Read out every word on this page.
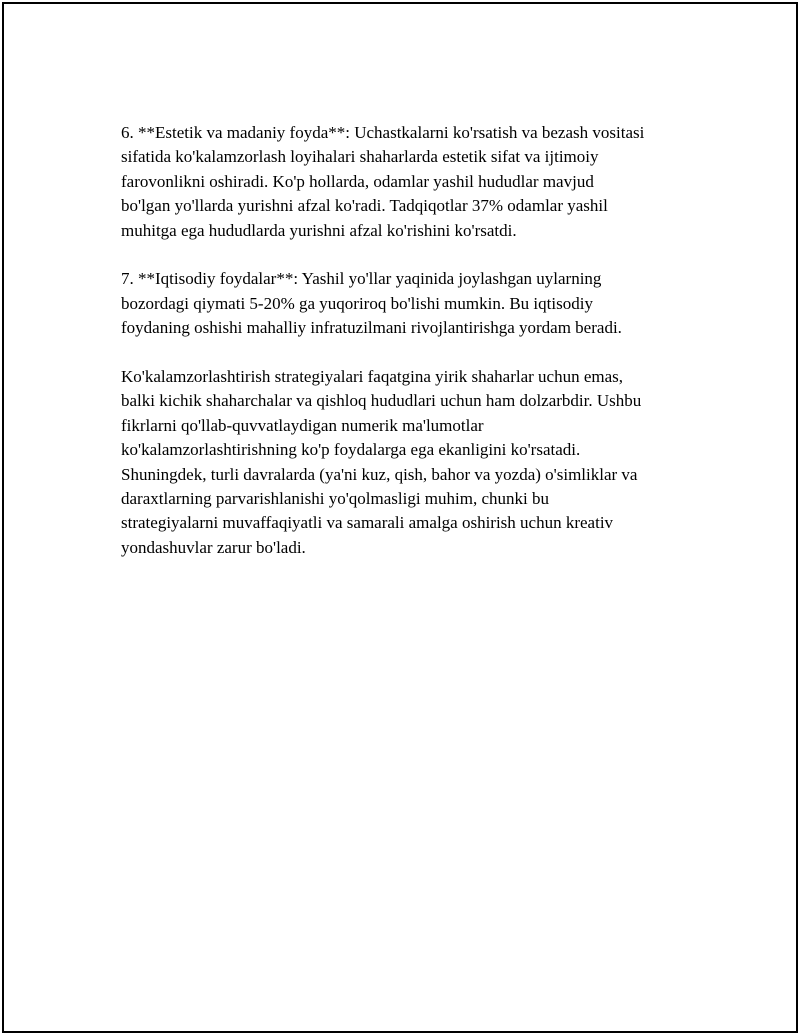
6. **Estetik va madaniy foyda**: Uchastkalarni ko'rsatish va bezash vositasi
sifatida ko'kalamzorlash loyihalari shaharlarda estetik sifat va ijtimoiy
farovonlikni oshiradi. Ko'p hollarda, odamlar yashil hududlar mavjud
bo'lgan yo'llarda yurishni afzal ko'radi. Tadqiqotlar 37% odamlar yashil
muhitga ega hududlarda yurishni afzal ko'rishini ko'rsatdi.

7. **Iqtisodiy foydalar**: Yashil yo'llar yaqinida joylashgan uylarning
bozordagi qiymati 5-20% ga yuqoriroq bo'lishi mumkin. Bu iqtisodiy
foydaning oshishi mahalliy infratuzilmani rivojlantirishga yordam beradi.

Ko'kalamzorlashtirish strategiyalari faqatgina yirik shaharlar uchun emas,
balki kichik shaharchalar va qishloq hududlari uchun ham dolzarbdir. Ushbu
fikrlarni qo'llab-quvvatlaydigan numerik ma'lumotlar
ko'kalamzorlashtirishning ko'p foydalarga ega ekanligini ko'rsatadi.
Shuningdek, turli davralarda (ya'ni kuz, qish, bahor va yozda) o'simliklar va
daraxtlarning parvarishlanishi yo'qolmasligi muhim, chunki bu
strategiyalarni muvaffaqiyatli va samarali amalga oshirish uchun kreativ
yondashuvlar zarur bo'ladi.
